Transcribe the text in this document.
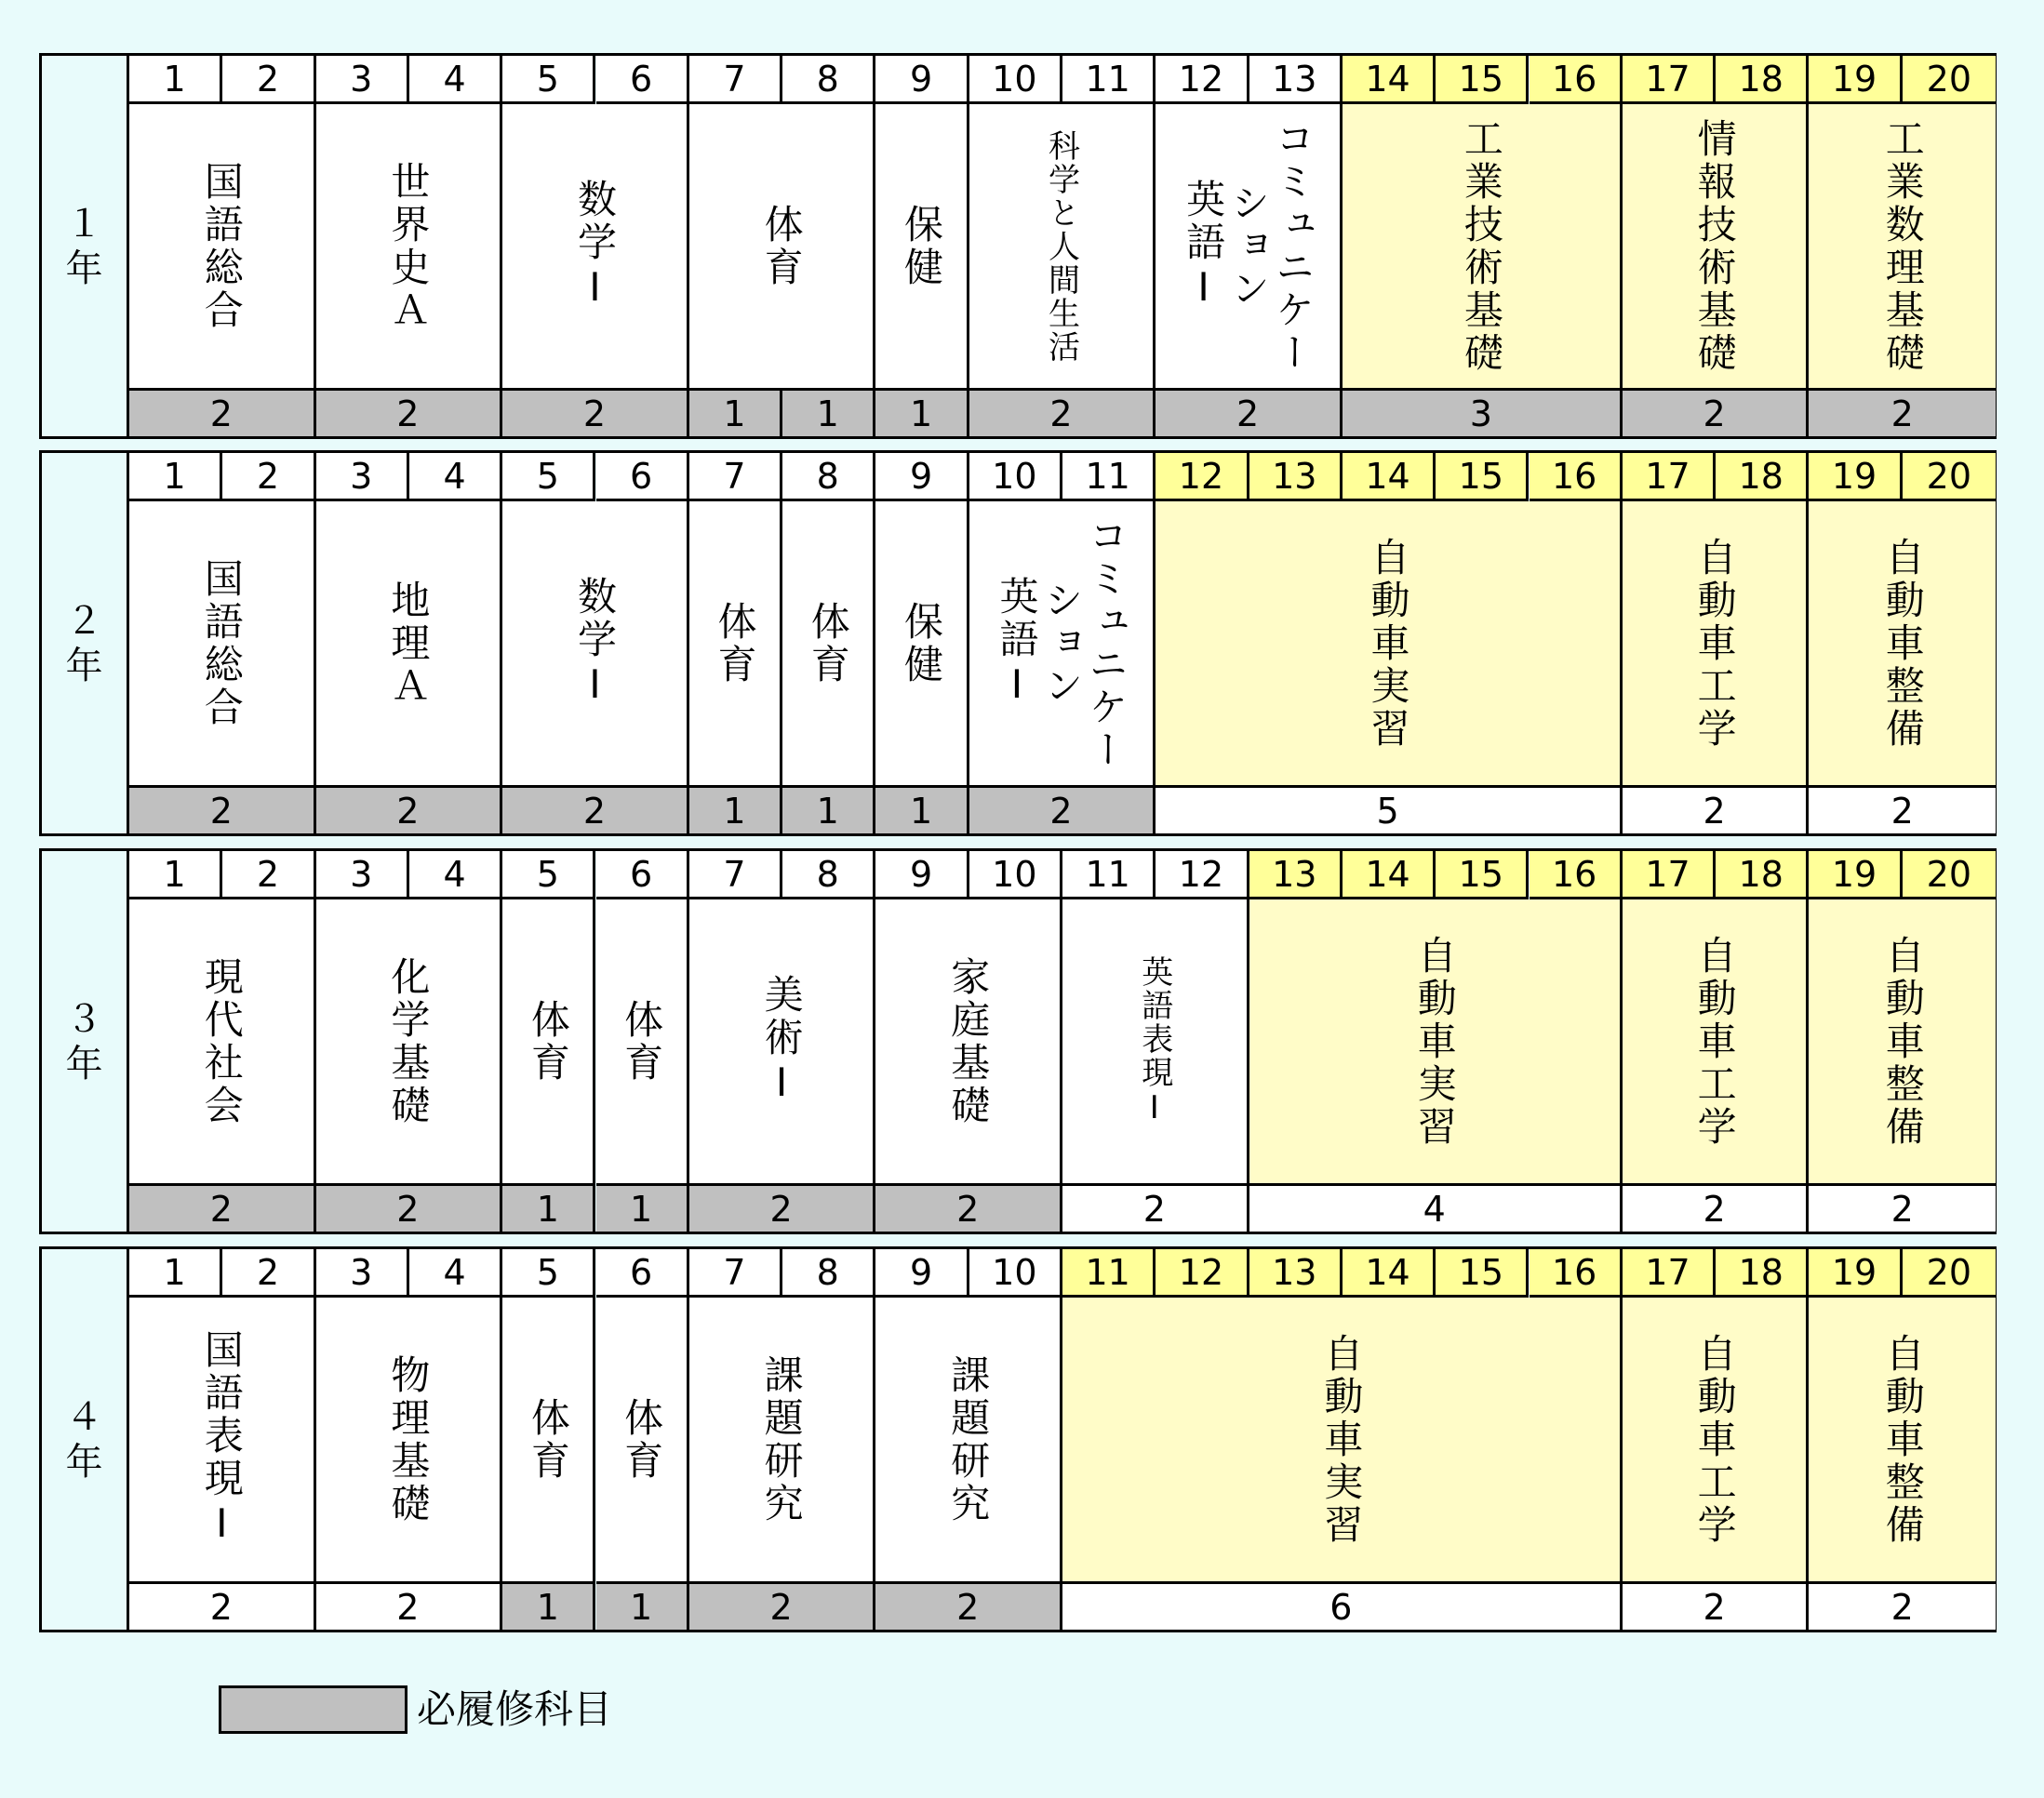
１
年
1	2	3	4	5	6	7	8	9	10	11	12	13	14	15	16	17	18	19	20
国語総合
2
世界史Ａ
2
数学Ⅰ
2
体育
1	1
保健
1
科学と人間生活
2
コミュニケー
ション
英語Ⅰ
2
工業技術基礎
3
情報技術基礎
2
工業数理基礎
2
２
年
1	2	3	4	5	6	7	8	9	10	11	12	13	14	15	16	17	18	19	20
国語総合
2
地理Ａ
2
数学Ⅰ
2
体育
1
体育
1
保健
1
コミュニケー
ション
英語Ⅰ
2
自動車実習
5
自動車工学
2
自動車整備
2
３
年
1	2	3	4	5	6	7	8	9	10	11	12	13	14	15	16	17	18	19	20
現代社会
2
化学基礎
2
体育
1
体育
1
美術Ⅰ
2
家庭基礎
2
英語表現Ⅰ
2
自動車実習
4
自動車工学
2
自動車整備
2
４
年
1	2	3	4	5	6	7	8	9	10	11	12	13	14	15	16	17	18	19	20
国語表現Ⅰ
2
物理基礎
2
体育
1
体育
1
課題研究
2
課題研究
2
自動車実習
6
自動車工学
2
自動車整備
2
必履修科目
